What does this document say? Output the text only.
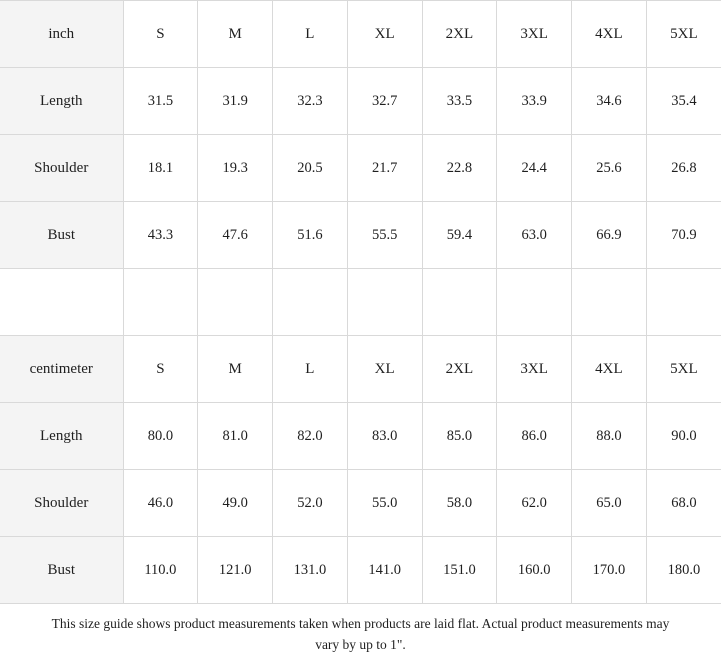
inch	S	M	L	XL	2XL	3XL	4XL	5XL
Length	31.5	31.9	32.3	32.7	33.5	33.9	34.6	35.4
Shoulder	18.1	19.3	20.5	21.7	22.8	24.4	25.6	26.8
Bust	43.3	47.6	51.6	55.5	59.4	63.0	66.9	70.9

centimeter	S	M	L	XL	2XL	3XL	4XL	5XL
Length	80.0	81.0	82.0	83.0	85.0	86.0	88.0	90.0
Shoulder	46.0	49.0	52.0	55.0	58.0	62.0	65.0	68.0
Bust	110.0	121.0	131.0	141.0	151.0	160.0	170.0	180.0
This size guide shows product measurements taken when products are laid flat. Actual product measurements may vary by up to 1".
